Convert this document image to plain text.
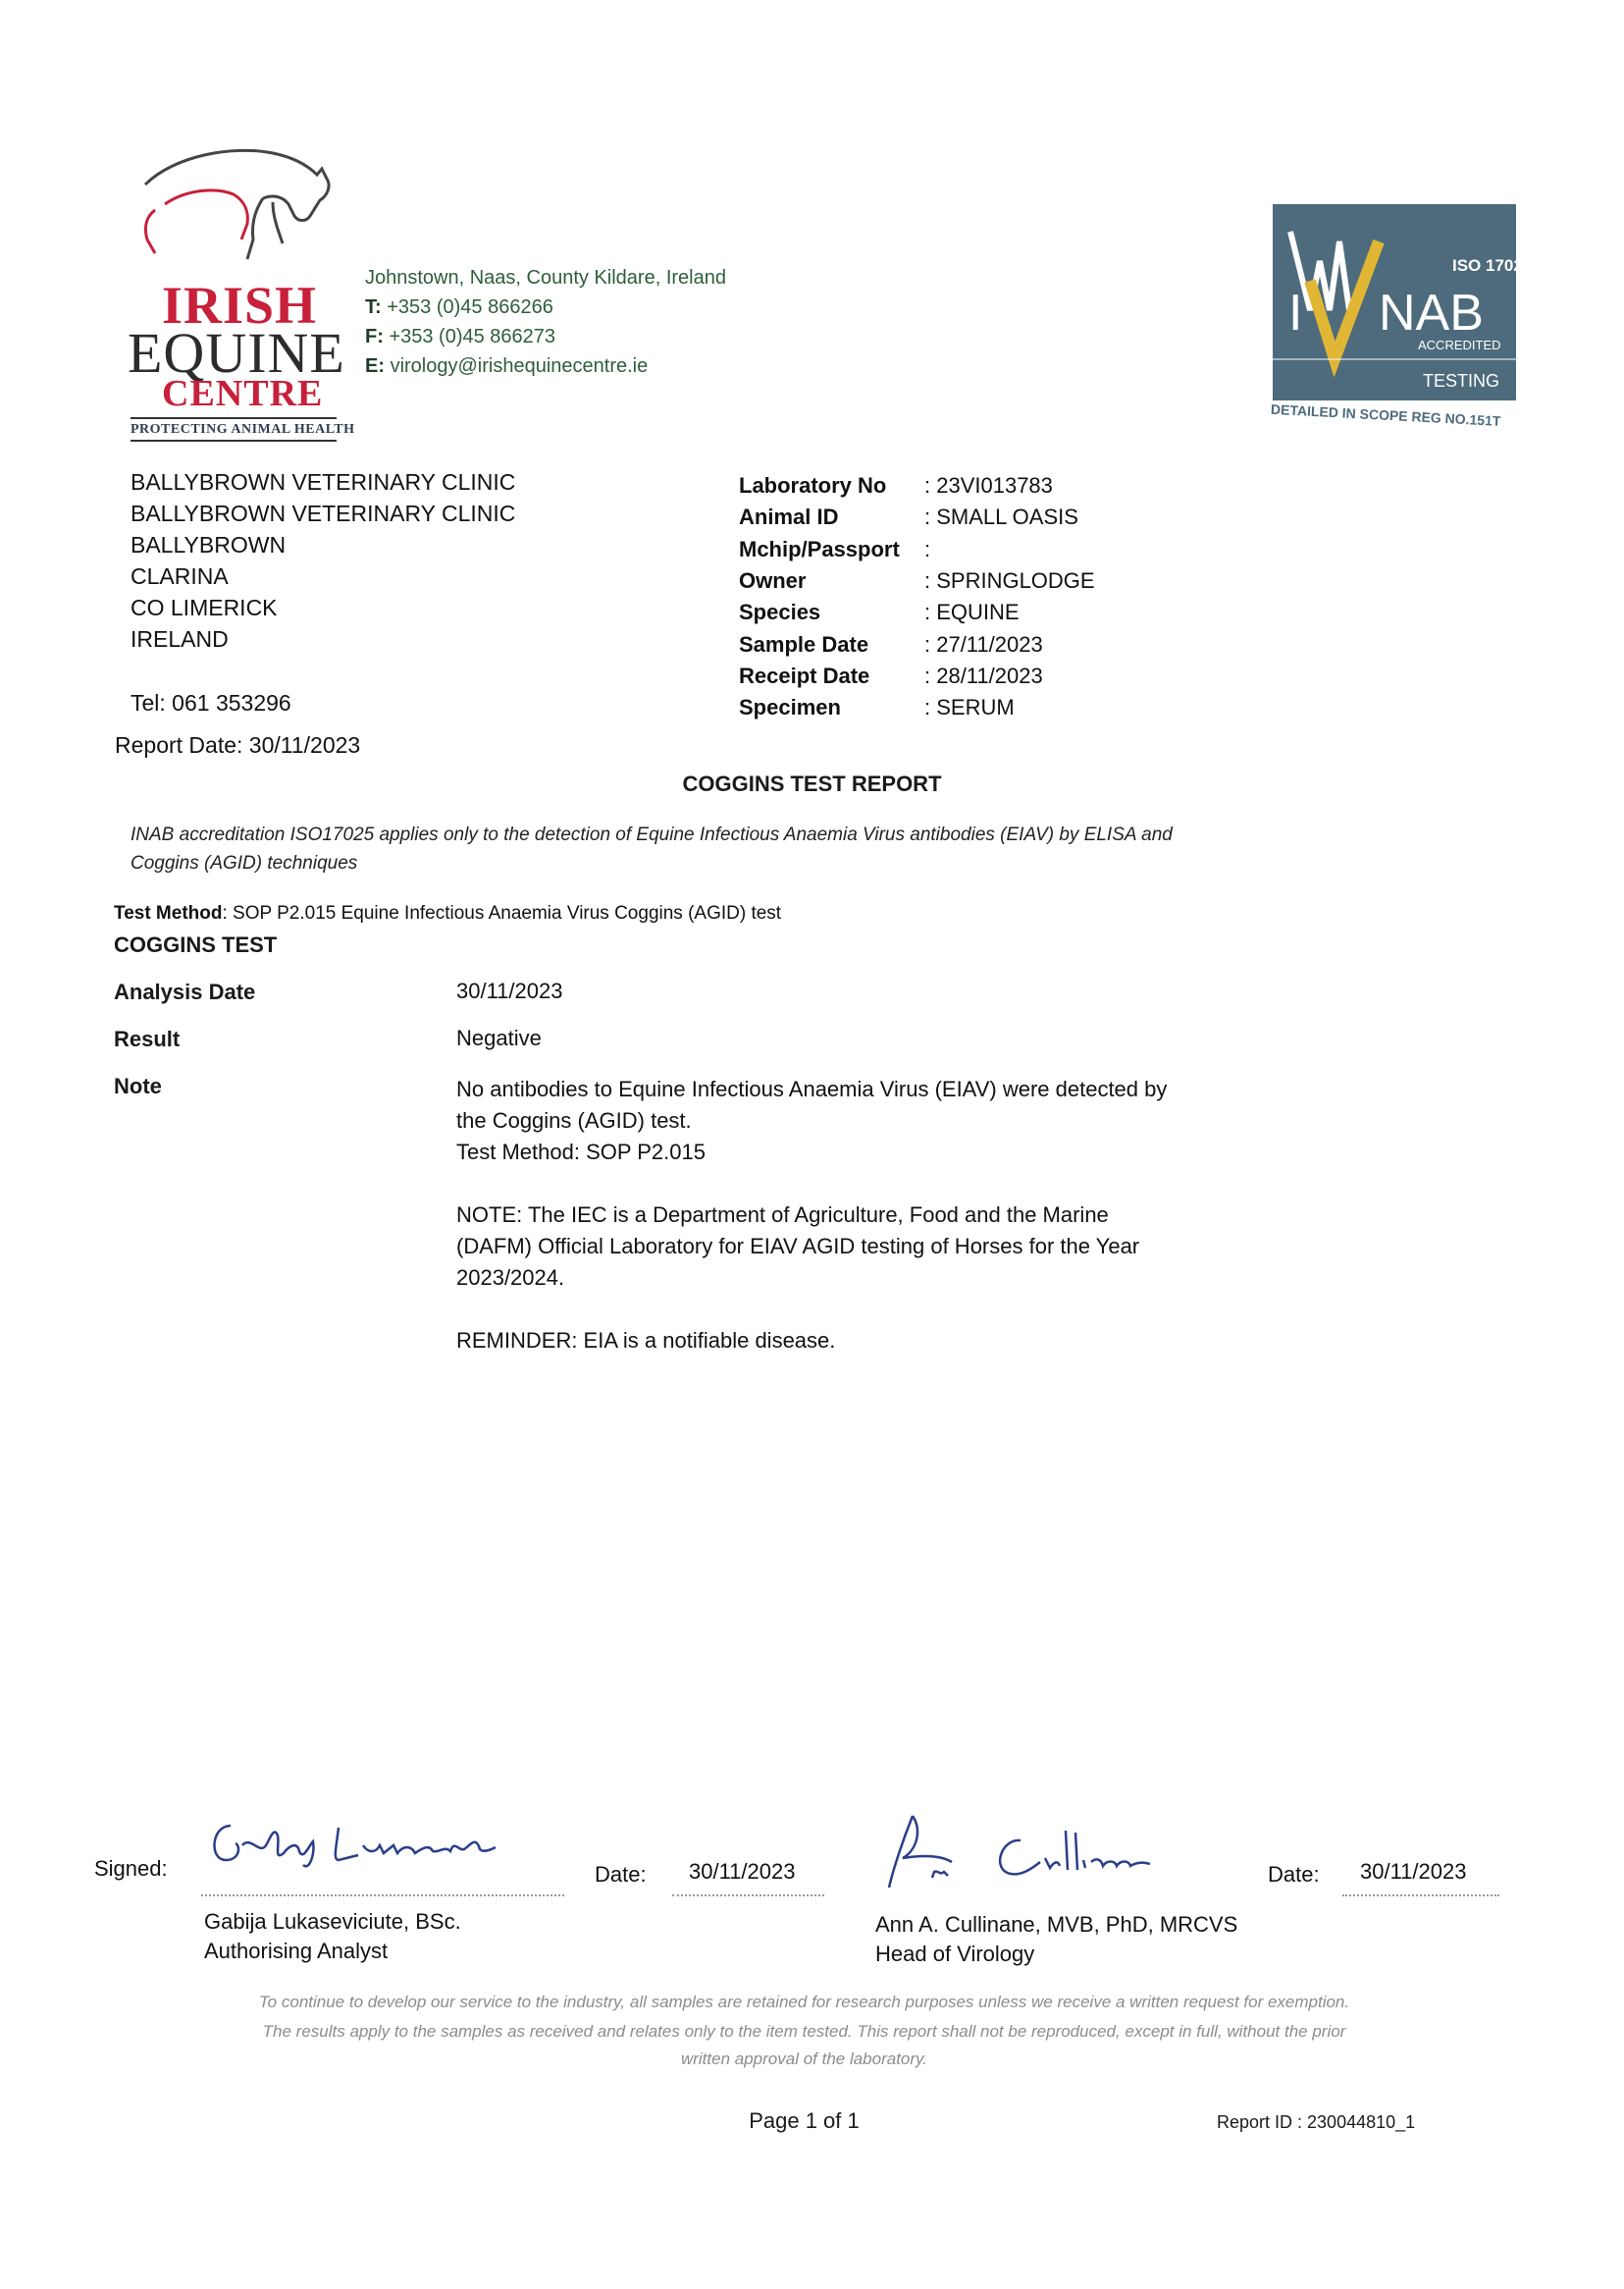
IRISH
EQUINE
CENTRE
PROTECTING ANIMAL HEALTH
Johnstown, Naas, County Kildare, Ireland
T: +353 (0)45 866266
F: +353 (0)45 866273
E: virology@irishequinecentre.ie
ISO 17025
I NAB
ACCREDITED
TESTING
DETAILED IN SCOPE REG NO.151T
BALLYBROWN VETERINARY CLINIC
BALLYBROWN VETERINARY CLINIC
BALLYBROWN
CLARINA
CO LIMERICK
IRELAND
Tel: 061 353296
Report Date: 30/11/2023
Laboratory No : 23VI013783
Animal ID	: SMALL OASIS
Mchip/Passport :
Owner	: SPRINGLODGE
Species	: EQUINE
Sample Date	: 27/11/2023
Receipt Date	: 28/11/2023
Specimen	: SERUM
COGGINS TEST REPORT
INAB accreditation ISO17025 applies only to the detection of Equine Infectious Anaemia Virus antibodies (EIAV) by ELISA and
Coggins (AGID) techniques
Test Method: SOP P2.015 Equine Infectious Anaemia Virus Coggins (AGID) test
COGGINS TEST
Analysis Date	30/11/2023
Result	Negative
Note	No antibodies to Equine Infectious Anaemia Virus (EIAV) were detected by
the Coggins (AGID) test.
Test Method: SOP P2.015
NOTE: The IEC is a Department of Agriculture, Food and the Marine
(DAFM) Official Laboratory for EIAV AGID testing of Horses for the Year
2023/2024.
REMINDER: EIA is a notifiable disease.
Signed:	Date: 30/11/2023
Gabija Lukaseviciute, BSc.
Authorising Analyst
Date: 30/11/2023
Ann A. Cullinane, MVB, PhD, MRCVS
Head of Virology
To continue to develop our service to the industry, all samples are retained for research purposes unless we receive a written request for exemption.
The results apply to the samples as received and relates only to the item tested. This report shall not be reproduced, except in full, without the prior
written approval of the laboratory.
Page 1 of 1	Report ID : 230044810_1
